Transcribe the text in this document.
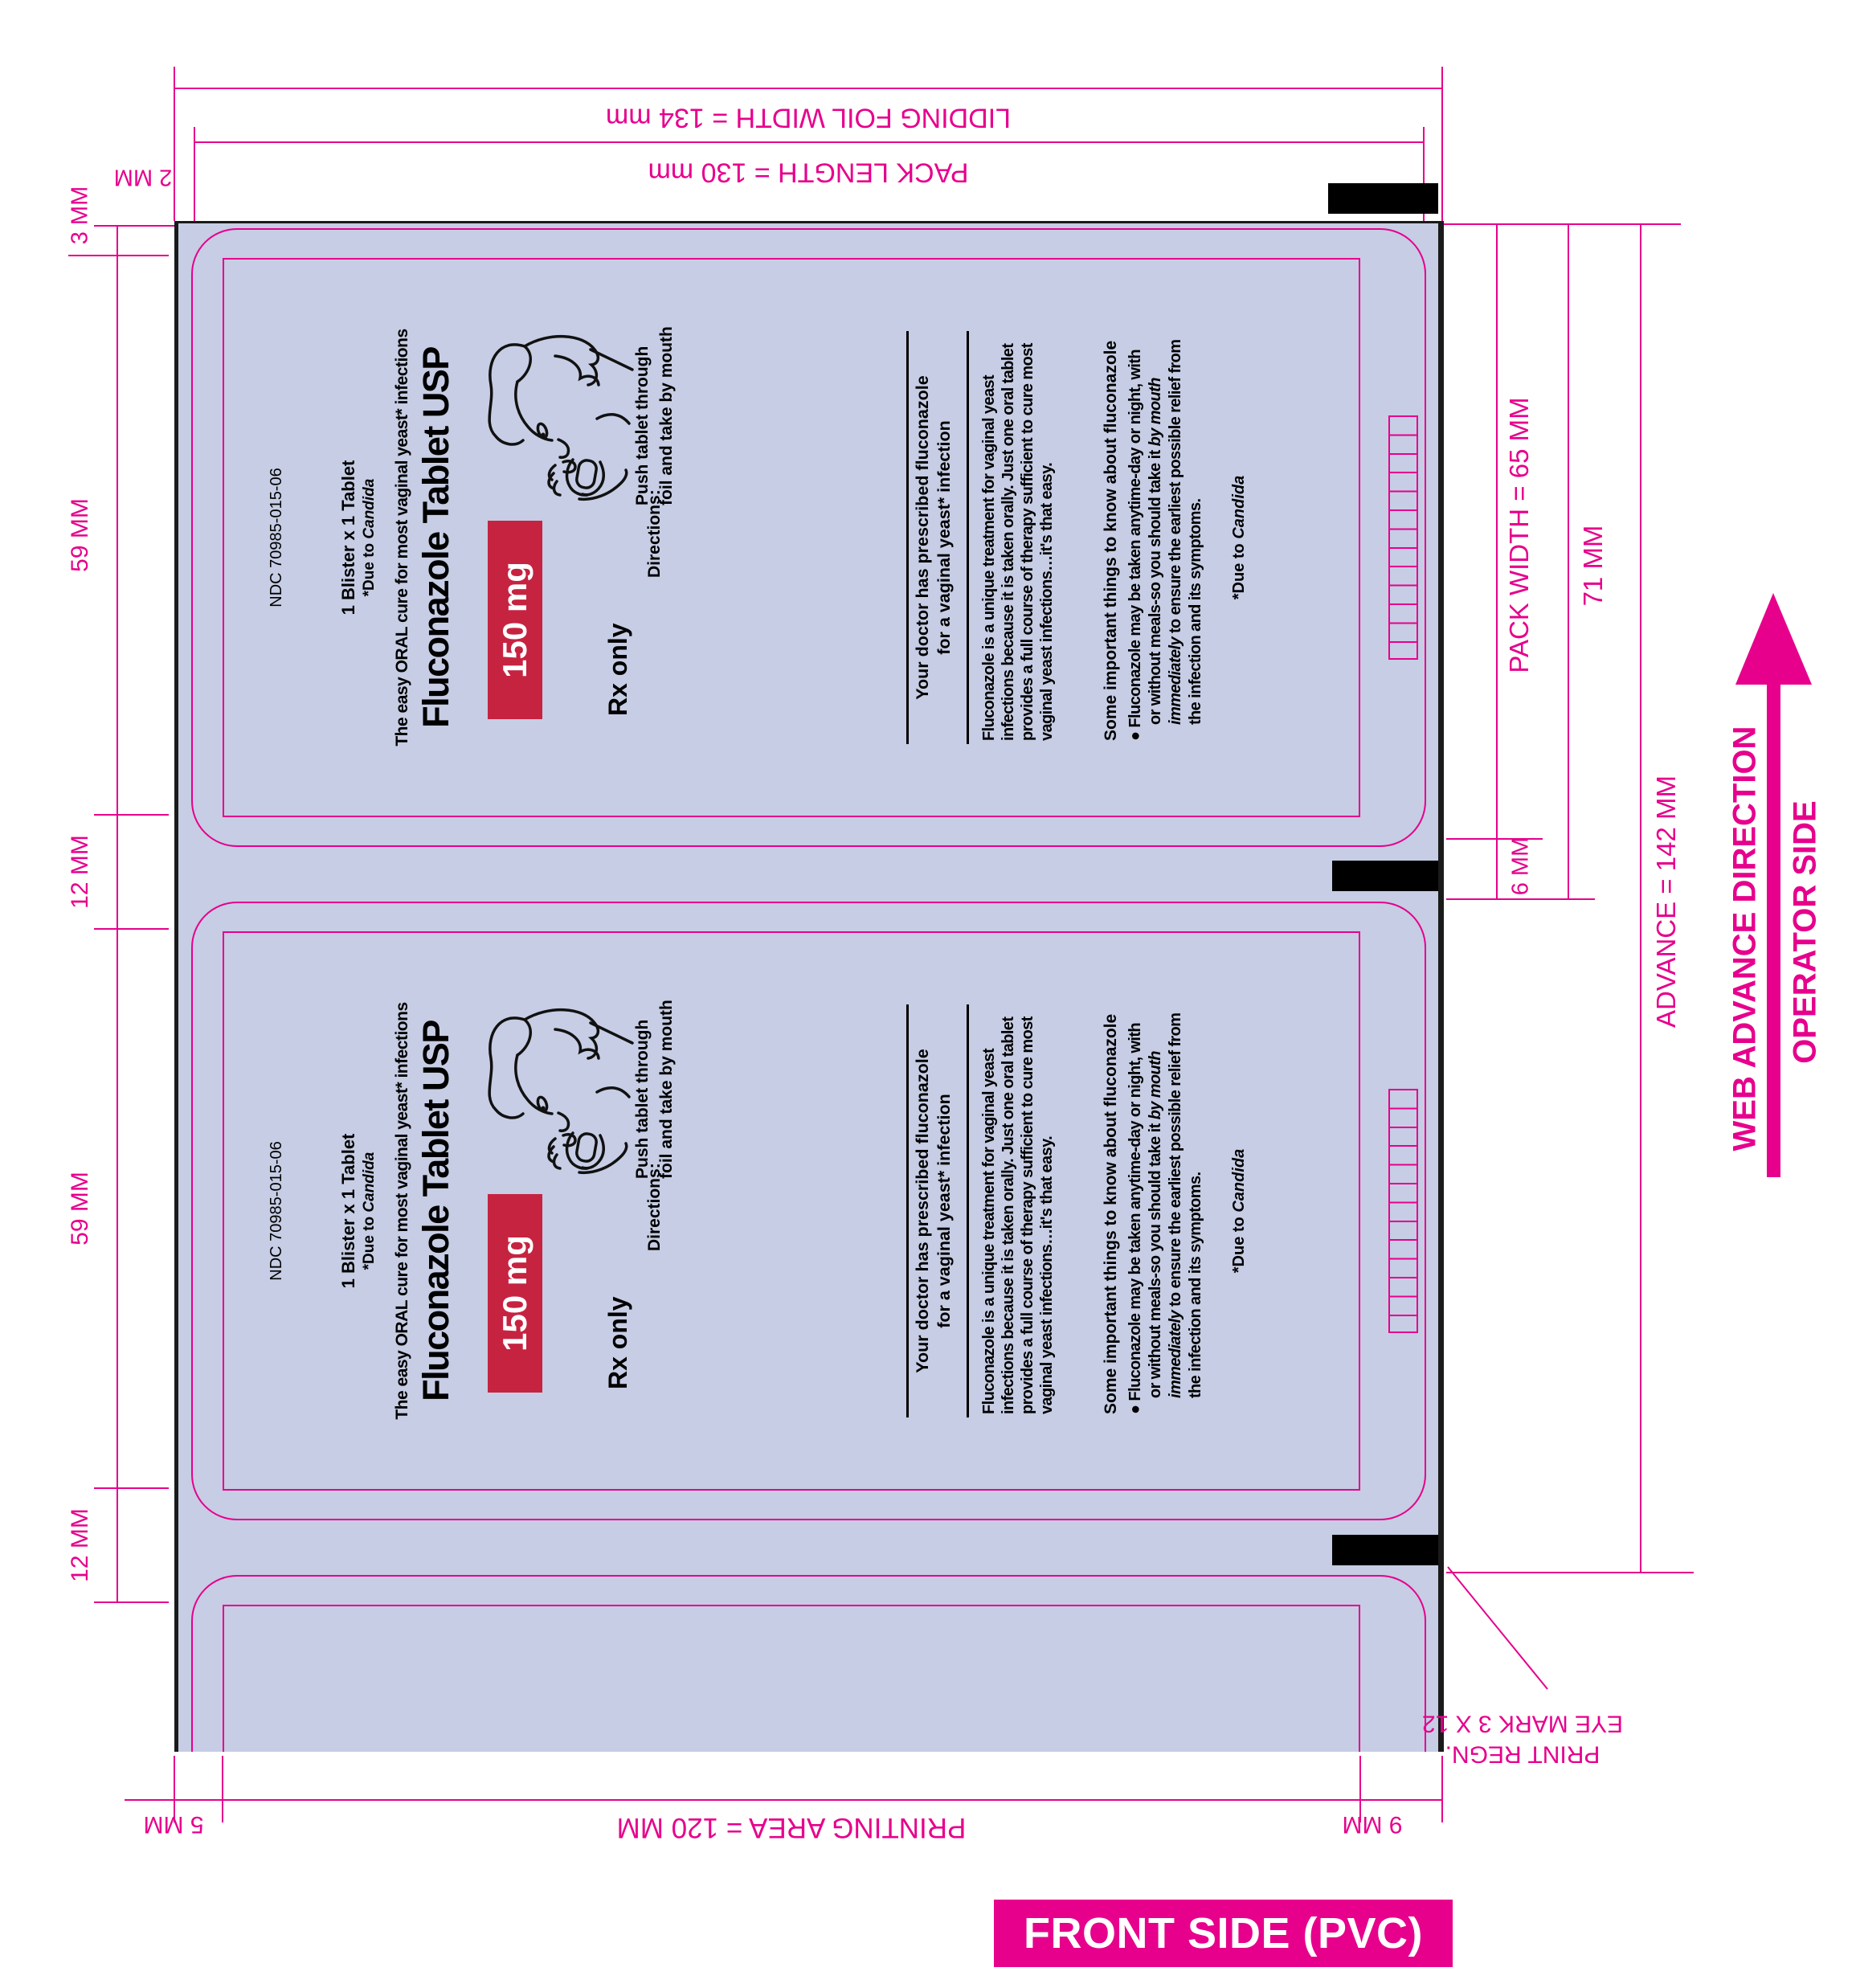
NDC 70985-015-06	1 Blister x 1 Tablet *Due to Candida The easy ORAL cure for most vaginal yeast* infections Fluconazole Tablet USP 150 mg	Rx only
Directions:
Push tablet through foil and take by mouth	Your doctor has prescribed fluconazole for a vaginal yeast* infection Fluconazole is a unique treatment for vaginal yeast infections because it is taken orally. Just one oral tablet provides a full course of therapy sufficient to cure most vaginal yeast infections…it's that easy.	Some important things to know about fluconazole ● Fluconazole may be taken anytime-day or night, with or without meals-so you should take it by mouth immediately to ensure the earliest possible relief from the infection and its symptoms. *Due to Candida
NDC 70985-015-06	1 Blister x 1 Tablet *Due to Candida The easy ORAL cure for most vaginal yeast* infections Fluconazole Tablet USP 150 mg	Rx only
Directions:
Push tablet through foil and take by mouth	Your doctor has prescribed fluconazole for a vaginal yeast* infection Fluconazole is a unique treatment for vaginal yeast infections because it is taken orally. Just one oral tablet provides a full course of therapy sufficient to cure most vaginal yeast infections…it's that easy.	Some important things to know about fluconazole ● Fluconazole may be taken anytime-day or night, with or without meals-so you should take it by mouth immediately to ensure the earliest possible relief from the infection and its symptoms. *Due to Candida
LIDDING FOIL WIDTH = 134 mm
PACK LENGTH = 130 mm
2 MM
3 MM
59 MM
12 MM
59 MM
12 MM
5 MM	PRINTING AREA = 120 MM	9 MM
PRINT REGN.
EYE MARK 3 X 12
PACK WIDTH = 65 MM
6 MM
71 MM
ADVANCE = 142 MM WEB ADVANCE DIRECTION OPERATOR SIDE
FRONT SIDE (PVC)
